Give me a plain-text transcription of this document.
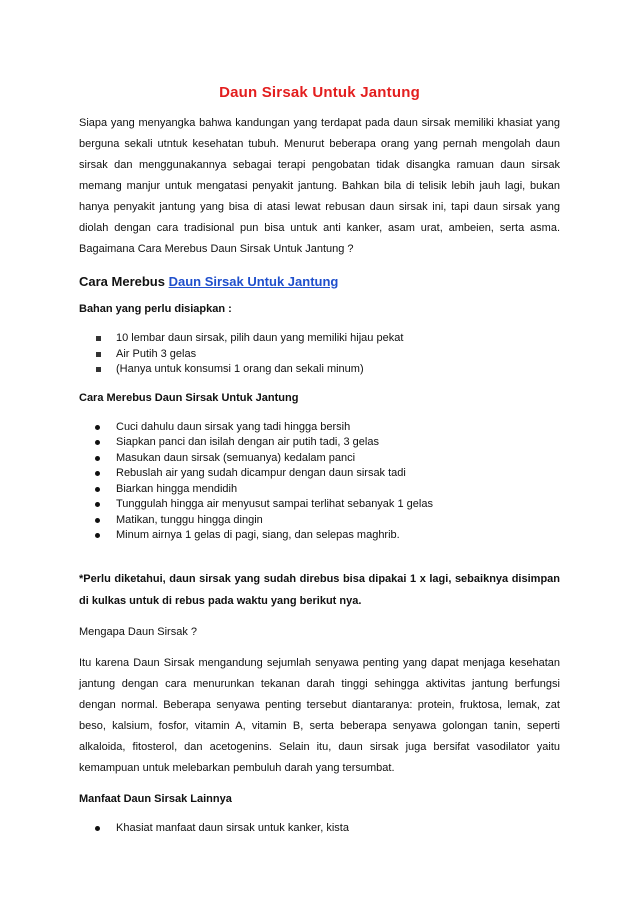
Daun Sirsak Untuk Jantung

Siapa yang menyangka bahwa kandungan yang terdapat pada daun sirsak memiliki khasiat yang berguna sekali utntuk kesehatan tubuh. Menurut beberapa orang yang pernah mengolah daun sirsak dan menggunakannya sebagai terapi pengobatan tidak disangka ramuan daun sirsak memang manjur untuk mengatasi penyakit jantung. Bahkan bila di telisik lebih jauh lagi, bukan hanya penyakit jantung yang bisa di atasi lewat rebusan daun sirsak ini, tapi daun sirsak yang diolah dengan cara tradisional pun bisa untuk anti kanker, asam urat, ambeien, serta asma. Bagaimana Cara Merebus Daun Sirsak Untuk Jantung ?

Cara Merebus Daun Sirsak Untuk Jantung

Bahan yang perlu disiapkan :

10 lembar daun sirsak, pilih daun yang memiliki hijau pekat
Air Putih 3 gelas
(Hanya untuk konsumsi 1 orang dan sekali minum)

Cara Merebus Daun Sirsak Untuk Jantung

Cuci dahulu daun sirsak yang tadi hingga bersih
Siapkan panci dan isilah dengan air putih tadi, 3 gelas
Masukan daun sirsak (semuanya) kedalam panci
Rebuslah air yang sudah dicampur dengan daun sirsak tadi
Biarkan hingga mendidih
Tunggulah hingga air menyusut sampai terlihat sebanyak 1 gelas
Matikan, tunggu hingga dingin
Minum airnya 1 gelas di pagi, siang, dan selepas maghrib.

*Perlu diketahui, daun sirsak yang sudah direbus bisa dipakai 1 x lagi, sebaiknya disimpan di kulkas untuk di rebus pada waktu yang berikut nya.

Mengapa Daun Sirsak ?

Itu karena Daun Sirsak mengandung sejumlah senyawa penting yang dapat menjaga kesehatan jantung dengan cara menurunkan tekanan darah tinggi sehingga aktivitas jantung berfungsi dengan normal. Beberapa senyawa penting tersebut diantaranya: protein, fruktosa, lemak, zat beso, kalsium, fosfor, vitamin A, vitamin B, serta beberapa senyawa golongan tanin, seperti alkaloida, fitosterol, dan acetogenins. Selain itu, daun sirsak juga bersifat vasodilator yaitu kemampuan untuk melebarkan pembuluh darah yang tersumbat.

Manfaat Daun Sirsak Lainnya

Khasiat manfaat daun sirsak untuk kanker, kista
